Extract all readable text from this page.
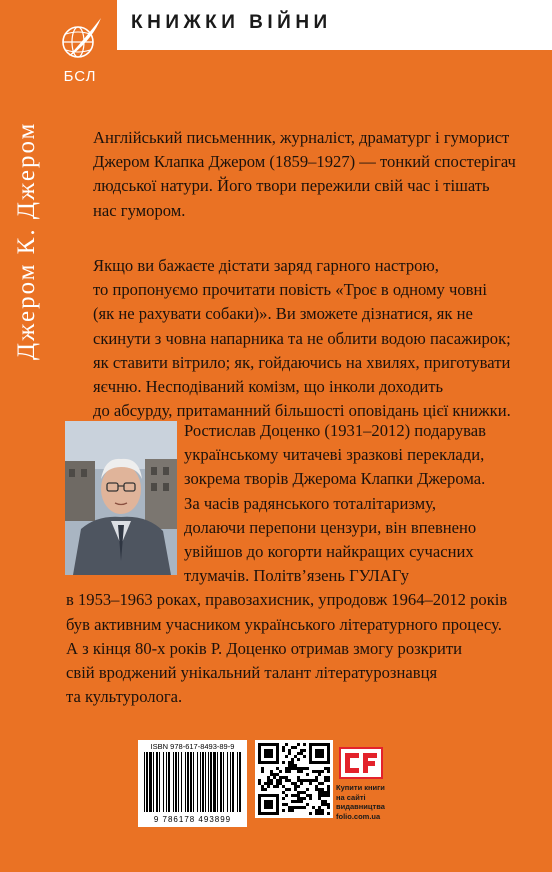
КНИЖКИ ВІЙНИ
БСЛ
Джером К. Джером	Англійський письменник, журналіст, драматург і гуморист
Джером Клапка Джером (1859–1927) — тонкий спостерігач
людської натури. Його твори пережили свій час і тішать
нас гумором.

Якщо ви бажаєте дістати заряд гарного настрою,
то пропонуємо прочитати повість «Троє в одному човні
(як не рахувати собаки)». Ви зможете дізнатися, як не
скинути з човна напарника та не облити водою пасажирок;
як ставити вітрило; як, гойдаючись на хвилях, приготувати
яєчню. Несподіваний комізм, що інколи доходить
до абсурду, притаманний більшості оповідань цієї книжки.

Ростислав Доценко (1931–2012) подарував
українському читачеві зразкові переклади,
зокрема творів Джерома Клапки Джерома.
За часів радянського тоталітаризму,
долаючи перепони цензури, він впевнено
увійшов до когорти найкращих сучасних
тлумачів. Політв’язень ГУЛАГу
в 1953–1963 роках, правозахисник, упродовж 1964–2012 років
був активним учасником українського літературного процесу.
А з кінця 80-х років Р. Доценко отримав змогу розкрити
свій вроджений унікальний талант літературознавця
та культуролога.

ISBN 978-617-8493-89-9
9 786178 493899
Купити книги
на сайті
видавництва
folio.com.ua
